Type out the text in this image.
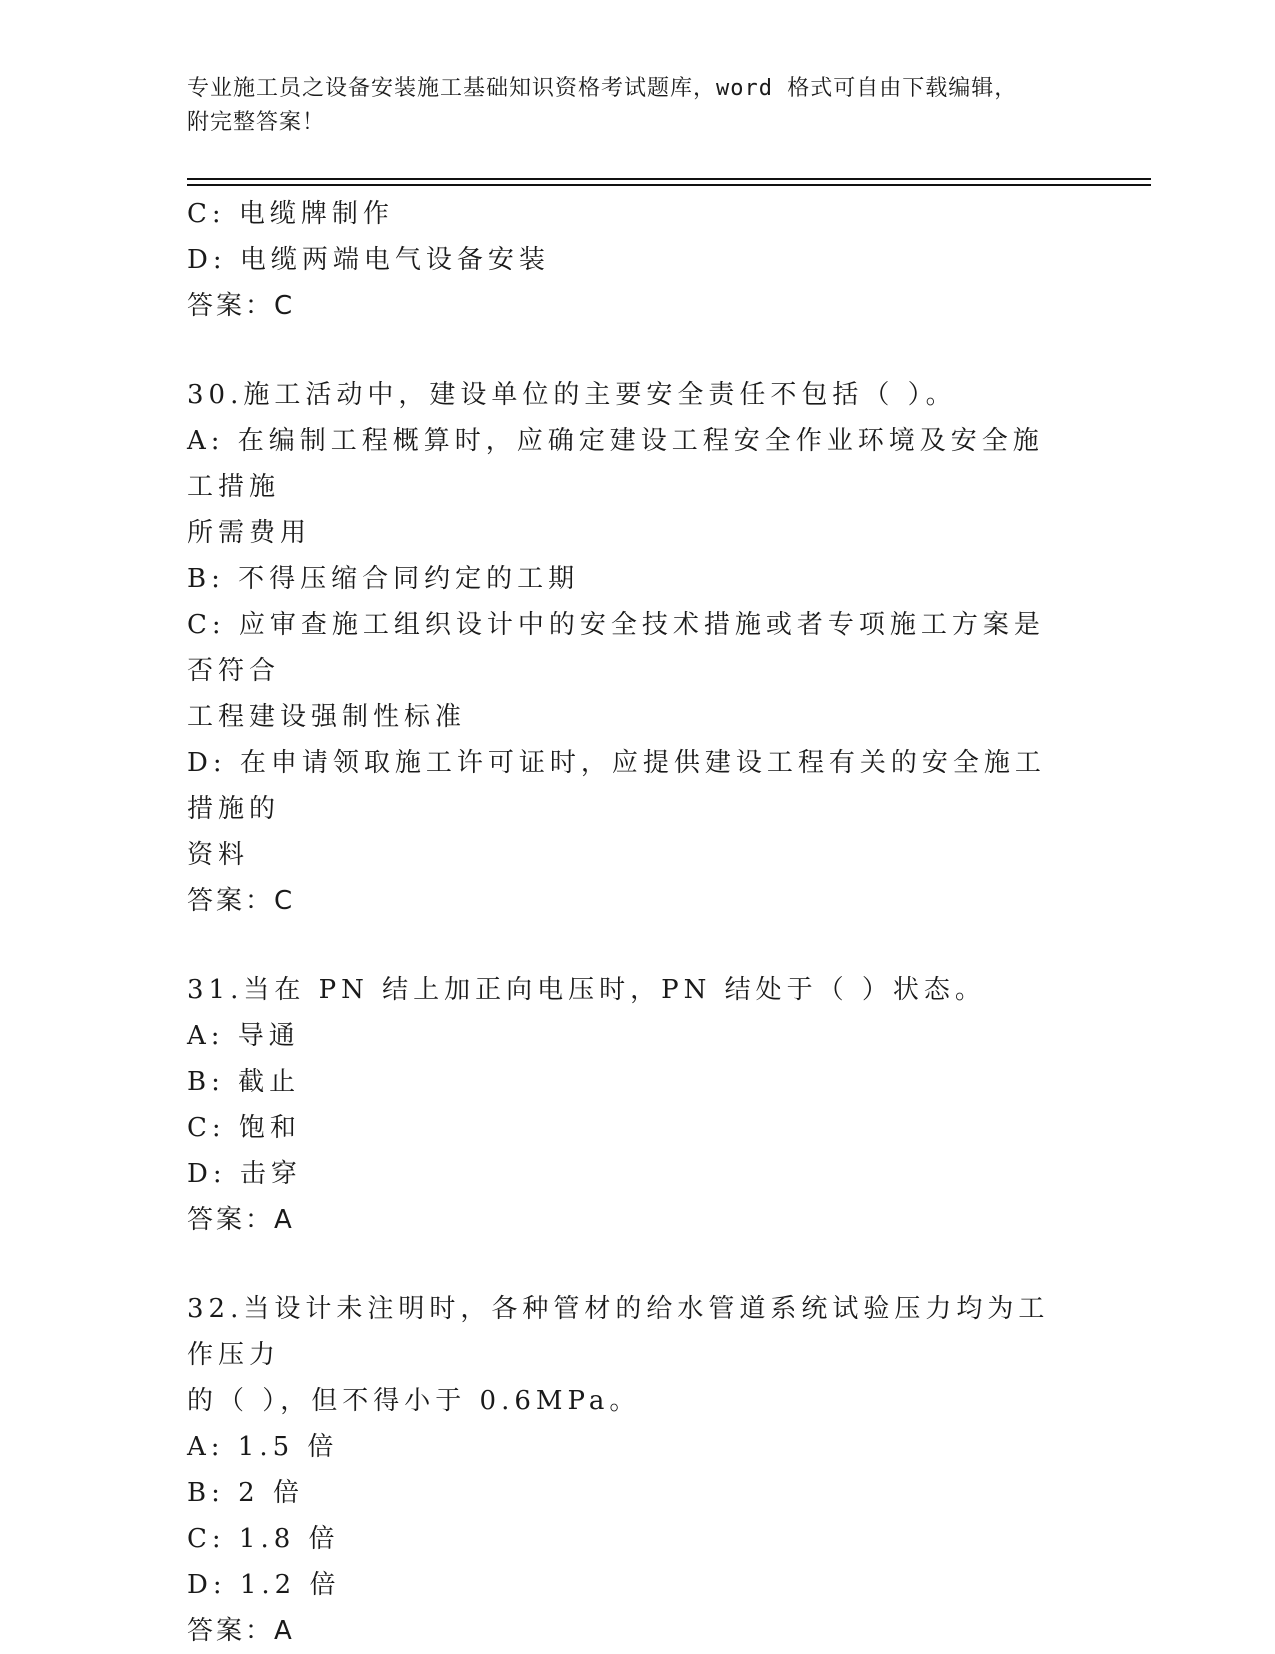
专业施工员之设备安装施工基础知识资格考试题库，word 格式可自由下载编辑，
附完整答案！
C: 电缆牌制作
D: 电缆两端电气设备安装
答案：C
30.施工活动中，建设单位的主要安全责任不包括（ ）。
A: 在编制工程概算时，应确定建设工程安全作业环境及安全施工措施
所需费用
B: 不得压缩合同约定的工期
C: 应审查施工组织设计中的安全技术措施或者专项施工方案是否符合
工程建设强制性标准
D: 在申请领取施工许可证时，应提供建设工程有关的安全施工措施的
资料
答案：C
31.当在 PN 结上加正向电压时，PN 结处于（ ）状态。
A: 导通
B: 截止
C: 饱和
D: 击穿
答案：A
32.当设计未注明时，各种管材的给水管道系统试验压力均为工作压力
的（ ），但不得小于 0.6MPa。
A: 1.5 倍
B: 2 倍
C: 1.8 倍
D: 1.2 倍
答案：A
